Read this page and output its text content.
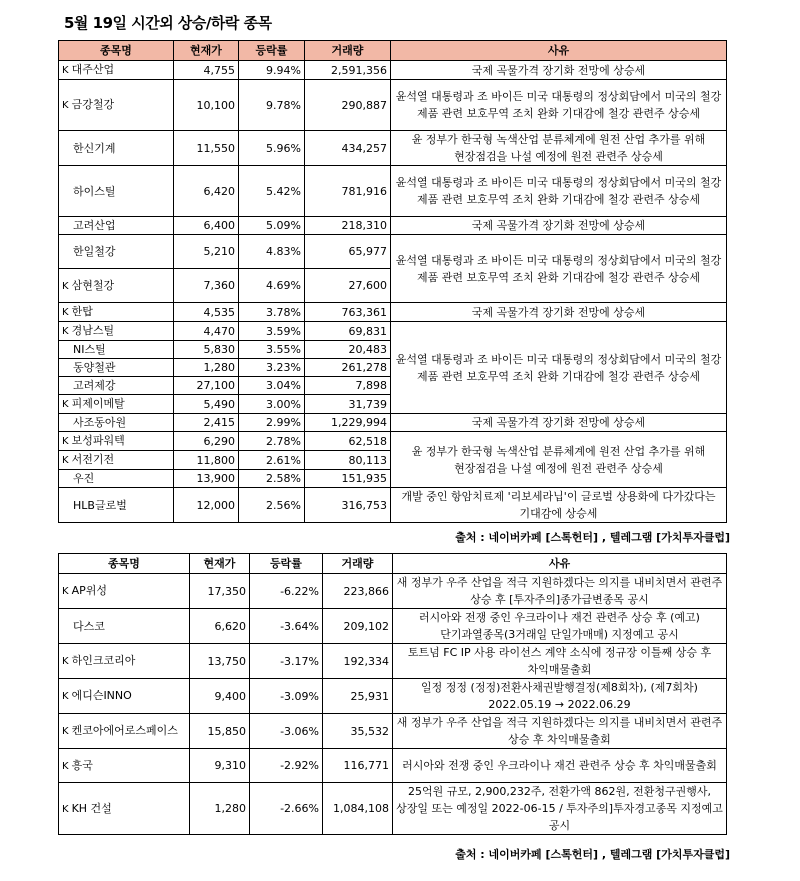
5월 19일 시간외 상승/하락 종목
종목명	현재가	등락률	거래량	사유
K 대주산업	4,755	9.94%	2,591,356	국제 곡물가격 장기화 전망에 상승세
K 금강철강	10,100	9.78%	290,887	윤석열 대통령과 조 바이든 미국 대통령의 정상회담에서 미국의 철강 제품 관련 보호무역 조치 완화 기대감에 철강 관련주 상승세
한신기계	11,550	5.96%	434,257	윤 정부가 한국형 녹색산업 분류체계에 원전 산업 추가를 위해 현장점검을 나설 예정에 원전 관련주 상승세
하이스틸	6,420	5.42%	781,916	윤석열 대통령과 조 바이든 미국 대통령의 정상회담에서 미국의 철강 제품 관련 보호무역 조치 완화 기대감에 철강 관련주 상승세
고려산업	6,400	5.09%	218,310	국제 곡물가격 장기화 전망에 상승세
한일철강	5,210	4.83%	65,977	윤석열 대통령과 조 바이든 미국 대통령의 정상회담에서 미국의 철강 제품 관련 보호무역 조치 완화 기대감에 철강 관련주 상승세
K 삼현철강	7,360	4.69%	27,600	
K 한탑	4,535	3.78%	763,361	국제 곡물가격 장기화 전망에 상승세
K 경남스틸	4,470	3.59%	69,831	윤석열 대통령과 조 바이든 미국 대통령의 정상회담에서 미국의 철강 제품 관련 보호무역 조치 완화 기대감에 철강 관련주 상승세
NI스틸	5,830	3.55%	20,483	
동양철관	1,280	3.23%	261,278	
고려제강	27,100	3.04%	7,898	
K 피제이메탈	5,490	3.00%	31,739	
사조동아원	2,415	2.99%	1,229,994	국제 곡물가격 장기화 전망에 상승세
K 보성파워텍	6,290	2.78%	62,518	윤 정부가 한국형 녹색산업 분류체계에 원전 산업 추가를 위해 현장점검을 나설 예정에 원전 관련주 상승세
K 서전기전	11,800	2.61%	80,113	
우진	13,900	2.58%	151,935	
HLB글로벌	12,000	2.56%	316,753	개발 중인 항암치료제 '리보세라닙'이 글로벌 상용화에 다가갔다는 기대감에 상승세
출처 : 네이버카페 [스톡헌터] , 텔레그램 [가치투자클럽]
종목명	현재가	등락률	거래량	사유
K AP위성	17,350	-6.22%	223,866	새 정부가 우주 산업을 적극 지원하겠다는 의지를 내비치면서 관련주 상승 후 [투자주의]종가급변종목 공시
다스코	6,620	-3.64%	209,102	러시아와 전쟁 중인 우크라이나 재건 관련주 상승 후 (예고)단기과열종목(3거래일 단일가매매) 지정예고 공시
K 하인크코리아	13,750	-3.17%	192,334	토트넘 FC IP 사용 라이선스 계약 소식에 정규장 이틀째 상승 후 차익매물출회
K 에디슨INNO	9,400	-3.09%	25,931	일정 정정 (정정)전환사채권발행결정(제8회차), (제7회차) 2022.05.19 → 2022.06.29
K 켄코아에어로스페이스	15,850	-3.06%	35,532	새 정부가 우주 산업을 적극 지원하겠다는 의지를 내비치면서 관련주 상승 후 차익매물출회
K 흥국	9,310	-2.92%	116,771	러시아와 전쟁 중인 우크라이나 재건 관련주 상승 후 차익매물출회
K KH 건설	1,280	-2.66%	1,084,108	25억원 규모, 2,900,232주, 전환가액 862원, 전환청구권행사, 상장일 또는 예정일 2022-06-15 / 투자주의]투자경고종목 지정예고 공시
출처 : 네이버카페 [스톡헌터] , 텔레그램 [가치투자클럽]
